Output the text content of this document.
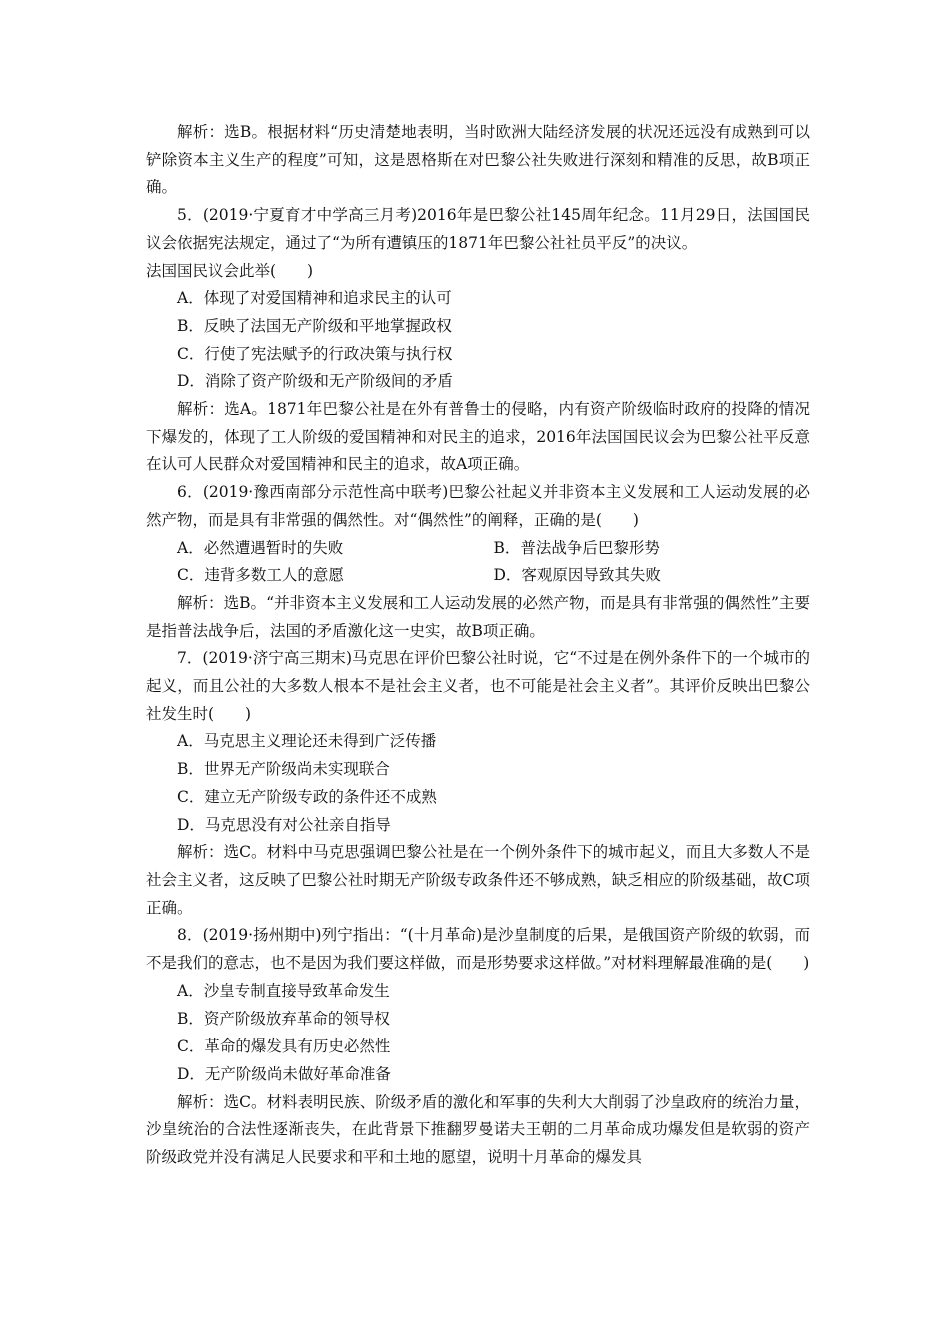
解析：选B。根据材料“历史清楚地表明，当时欧洲大陆经济发展的状况还远没有成熟到可以铲除资本主义生产的程度”可知，这是恩格斯在对巴黎公社失败进行深刻和精准的反思，故B项正确。

5．(2019·宁夏育才中学高三月考)2016年是巴黎公社145周年纪念。11月29日，法国国民议会依据宪法规定，通过了“为所有遭镇压的1871年巴黎公社社员平反”的决议。
法国国民议会此举(　　)

A．体现了对爱国精神和追求民主的认可

B．反映了法国无产阶级和平地掌握政权

C．行使了宪法赋予的行政决策与执行权

D．消除了资产阶级和无产阶级间的矛盾

解析：选A。1871年巴黎公社是在外有普鲁士的侵略，内有资产阶级临时政府的投降的情况下爆发的，体现了工人阶级的爱国精神和对民主的追求，2016年法国国民议会为巴黎公社平反意在认可人民群众对爱国精神和民主的追求，故A项正确。

6．(2019·豫西南部分示范性高中联考)巴黎公社起义并非资本主义发展和工人运动发展的必然产物，而是具有非常强的偶然性。对“偶然性”的阐释，正确的是(　　)

A．必然遭遇暂时的失败	B．普法战争后巴黎形势
C．违背多数工人的意愿	D．客观原因导致其失败

解析：选B。“并非资本主义发展和工人运动发展的必然产物，而是具有非常强的偶然性”主要是指普法战争后，法国的矛盾激化这一史实，故B项正确。

7．(2019·济宁高三期末)马克思在评价巴黎公社时说，它“不过是在例外条件下的一个城市的起义，而且公社的大多数人根本不是社会主义者，也不可能是社会主义者”。其评价反映出巴黎公社发生时(　　)

A．马克思主义理论还未得到广泛传播

B．世界无产阶级尚未实现联合

C．建立无产阶级专政的条件还不成熟

D．马克思没有对公社亲自指导

解析：选C。材料中马克思强调巴黎公社是在一个例外条件下的城市起义，而且大多数人不是社会主义者，这反映了巴黎公社时期无产阶级专政条件还不够成熟，缺乏相应的阶级基础，故C项正确。

8．(2019·扬州期中)列宁指出：“(十月革命)是沙皇制度的后果，是俄国资产阶级的软弱，而不是我们的意志，也不是因为我们要这样做，而是形势要求这样做。”对材料理解最准确的是(　　)

A．沙皇专制直接导致革命发生

B．资产阶级放弃革命的领导权

C．革命的爆发具有历史必然性

D．无产阶级尚未做好革命准备

解析：选C。材料表明民族、阶级矛盾的激化和军事的失利大大削弱了沙皇政府的统治力量，沙皇统治的合法性逐渐丧失，在此背景下推翻罗曼诺夫王朝的二月革命成功爆发但是软弱的资产阶级政党并没有满足人民要求和平和土地的愿望，说明十月革命的爆发具
